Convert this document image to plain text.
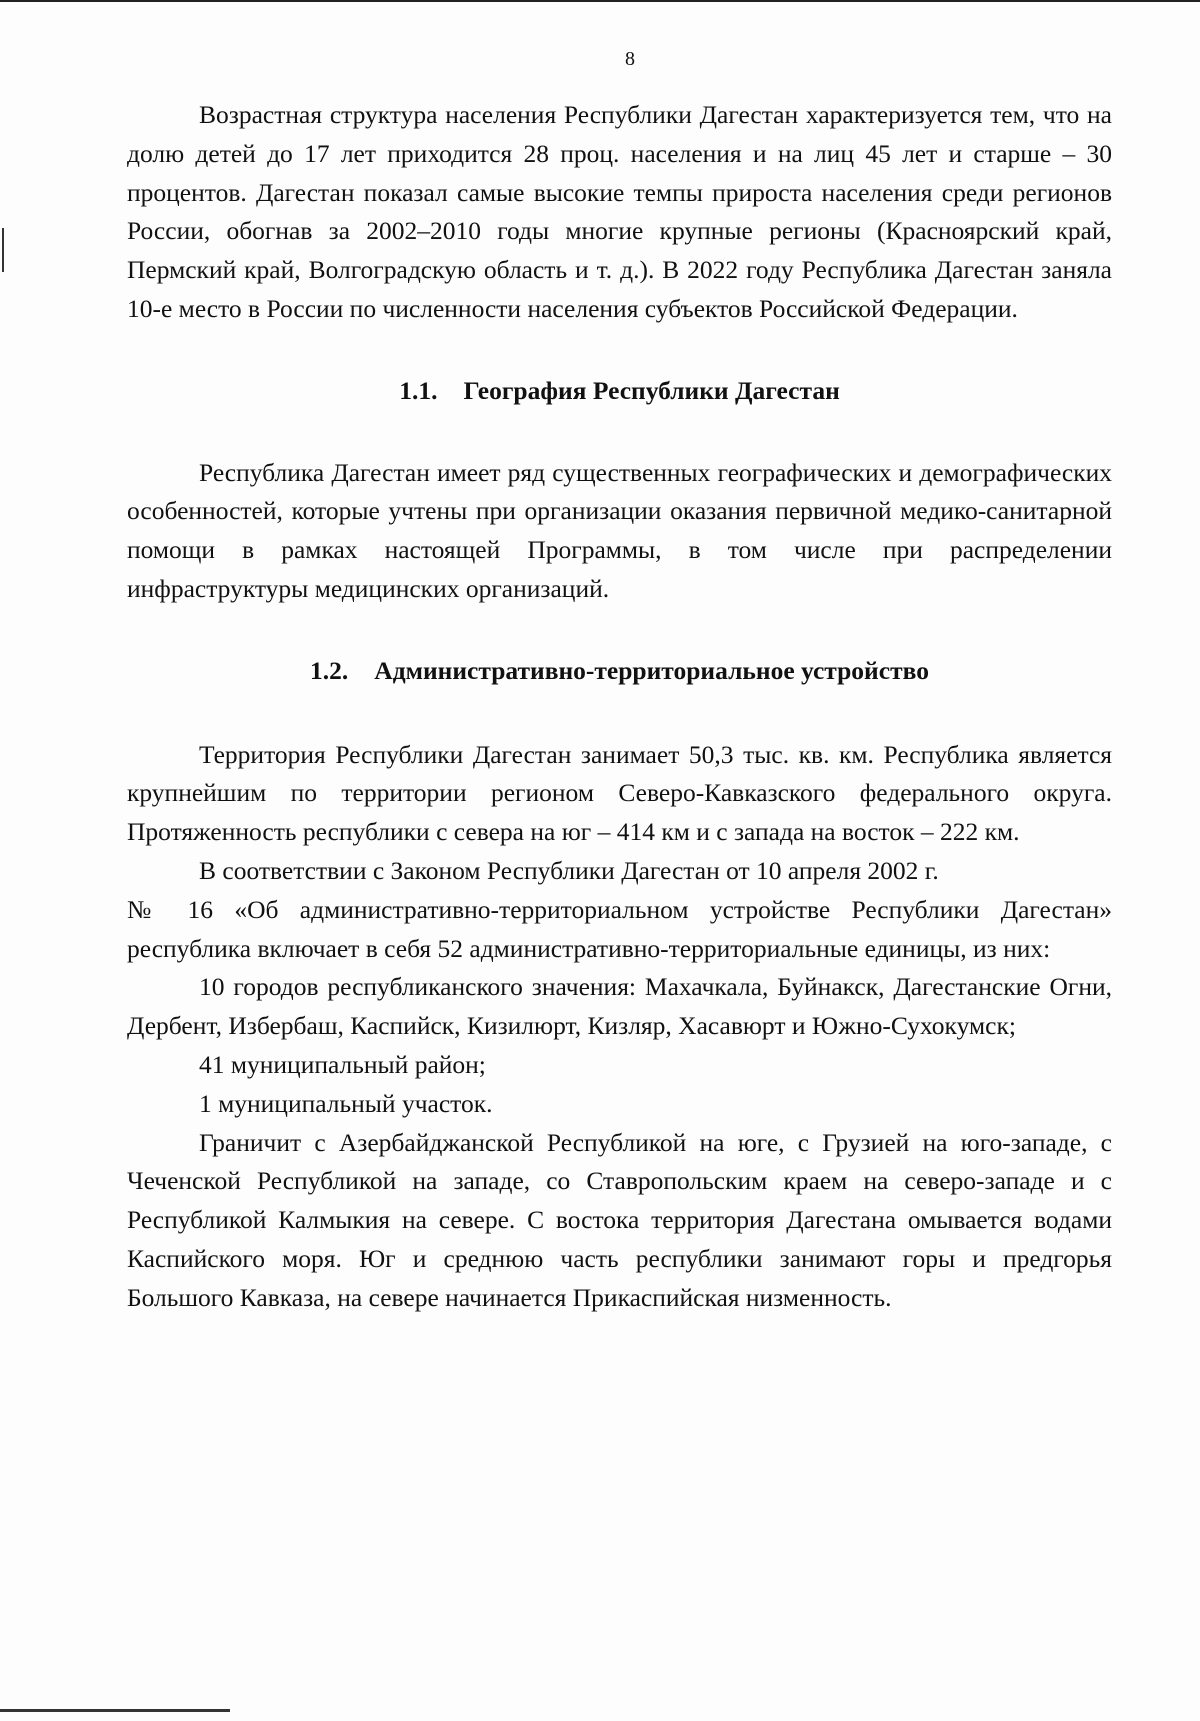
8

Возрастная структура населения Республики Дагестан характеризуется тем, что на долю детей до 17 лет приходится 28 проц. населения и на лиц 45 лет и старше – 30 процентов. Дагестан показал самые высокие темпы прироста населения среди регионов России, обогнав за 2002–2010 годы многие крупные регионы (Красноярский край, Пермский край, Волгоградскую область и т. д.). В 2022 году Республика Дагестан заняла 10-е место в России по численности населения субъектов Российской Федерации.

1.1. География Республики Дагестан

Республика Дагестан имеет ряд существенных географических и демографических особенностей, которые учтены при организации оказания первичной медико-санитарной помощи в рамках настоящей Программы, в том числе при распределении инфраструктуры медицинских организаций.

1.2. Административно-территориальное устройство

Территория Республики Дагестан занимает 50,3 тыс. кв. км. Республика является крупнейшим по территории регионом Северо-Кавказского федерального округа. Протяженность республики с севера на юг – 414 км и с запада на восток – 222 км.

В соответствии с Законом Республики Дагестан от 10 апреля 2002 г.

№ 16 «Об административно-территориальном устройстве Республики Дагестан» республика включает в себя 52 административно-территориальные единицы, из них:

10 городов республиканского значения: Махачкала, Буйнакск, Дагестанские Огни, Дербент, Избербаш, Каспийск, Кизилюрт, Кизляр, Хасавюрт и Южно-Сухокумск;

41 муниципальный район;

1 муниципальный участок.

Граничит с Азербайджанской Республикой на юге, с Грузией на юго-западе, с Чеченской Республикой на западе, со Ставропольским краем на северо-западе и с Республикой Калмыкия на севере. С востока территория Дагестана омывается водами Каспийского моря. Юг и среднюю часть республики занимают горы и предгорья Большого Кавказа, на севере начинается Прикаспийская низменность.
